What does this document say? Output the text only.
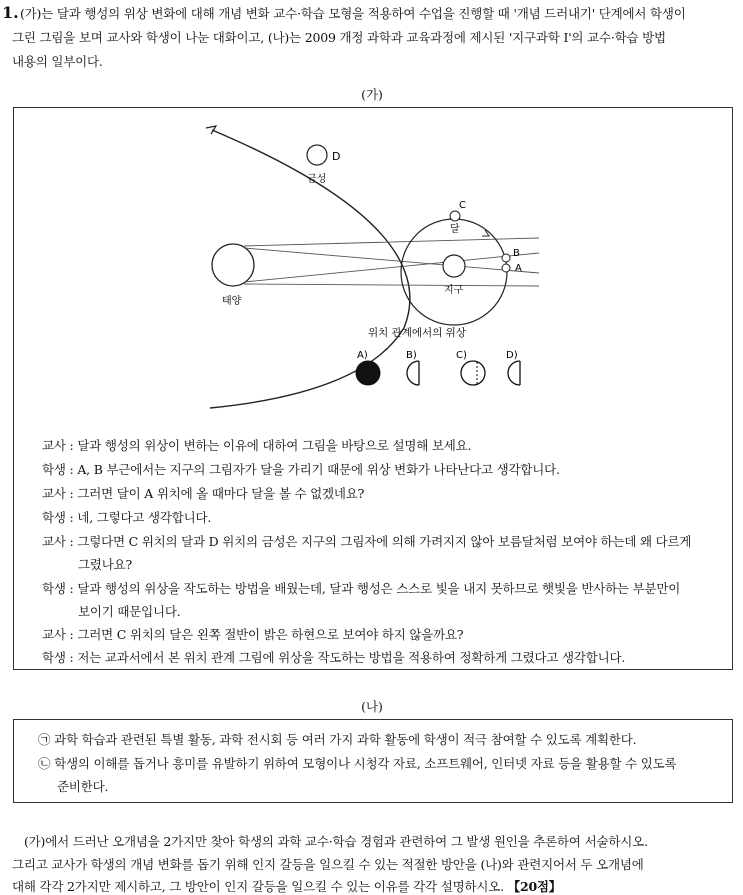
1. (가)는 달과 행성의 위상 변화에 대해 개념 변화 교수·학습 모형을 적용하여 수업을 진행할 때 '개념 드러내기' 단계에서 학생이
그린 그림을 보며 교사와 학생이 나눈 대화이고, (나)는 2009 개정 과학과 교육과정에 제시된 '지구과학 I'의 교수·학습 방법
내용의 일부이다.
(가)
D
금성
태양
지구
C
달
B
A
위치 관계에서의 위상
A)	B)	C)	D)
교사 : 달과 행성의 위상이 변하는 이유에 대하여 그림을 바탕으로 설명해 보세요.
학생 : A, B 부근에서는 지구의 그림자가 달을 가리기 때문에 위상 변화가 나타난다고 생각합니다.
교사 : 그러면 달이 A 위치에 올 때마다 달을 볼 수 없겠네요?
학생 : 네, 그렇다고 생각합니다.
교사 : 그렇다면 C 위치의 달과 D 위치의 금성은 지구의 그림자에 의해 가려지지 않아 보름달처럼 보여야 하는데 왜 다르게
그렸나요?
학생 : 달과 행성의 위상을 작도하는 방법을 배웠는데, 달과 행성은 스스로 빛을 내지 못하므로 햇빛을 반사하는 부분만이
보이기 때문입니다.
교사 : 그러면 C 위치의 달은 왼쪽 절반이 밝은 하현으로 보여야 하지 않을까요?
학생 : 저는 교과서에서 본 위치 관계 그림에 위상을 작도하는 방법을 적용하여 정확하게 그렸다고 생각합니다.
(나)
㉠ 과학 학습과 관련된 특별 활동, 과학 전시회 등 여러 가지 과학 활동에 학생이 적극 참여할 수 있도록 계획한다.
㉡ 학생의 이해를 돕거나 흥미를 유발하기 위하여 모형이나 시청각 자료, 소프트웨어, 인터넷 자료 등을 활용할 수 있도록
준비한다.
(가)에서 드러난 오개념을 2가지만 찾아 학생의 과학 교수·학습 경험과 관련하여 그 발생 원인을 추론하여 서술하시오.
그리고 교사가 학생의 개념 변화를 돕기 위해 인지 갈등을 일으킬 수 있는 적절한 방안을 (나)와 관련지어서 두 오개념에
대해 각각 2가지만 제시하고, 그 방안이 인지 갈등을 일으킬 수 있는 이유를 각각 설명하시오. 【20점】
